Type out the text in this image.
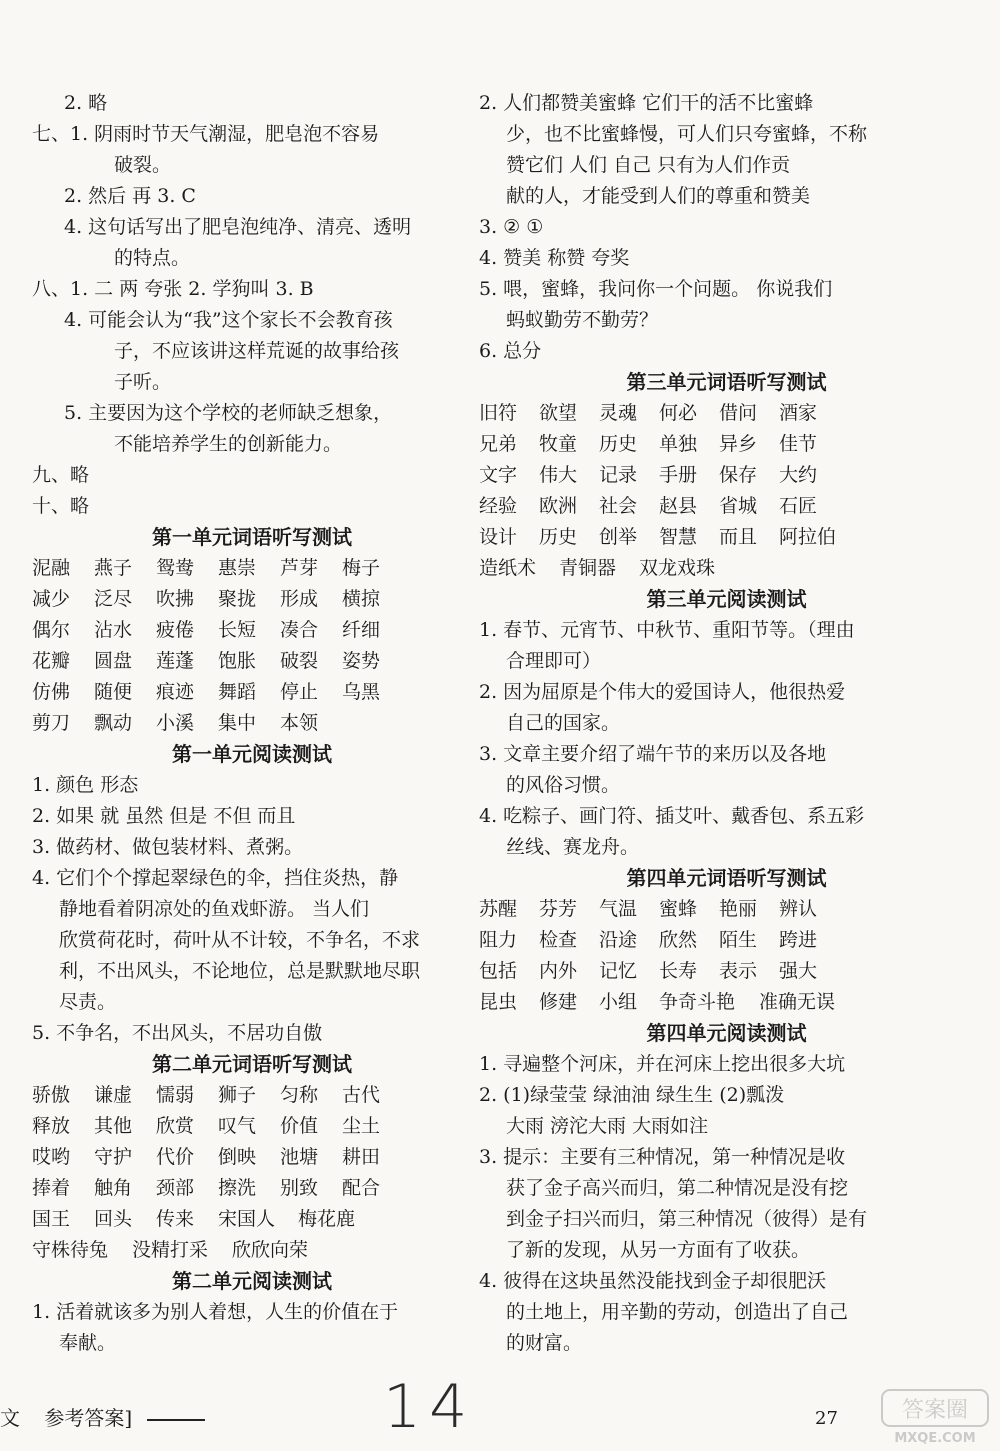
2. 略
七、1. 阴雨时节天气潮湿，肥皂泡不容易
破裂。
2. 然后 再 3. C
4. 这句话写出了肥皂泡纯净、清亮、透明
的特点。
八、1. 二 两 夸张 2. 学狗叫 3. B
4. 可能会认为“我”这个家长不会教育孩
子，不应该讲这样荒诞的故事给孩
子听。
5. 主要因为这个学校的老师缺乏想象，
不能培养学生的创新能力。
九、略
十、略
第一单元词语听写测试
泥融 燕子 鸳鸯 惠崇 芦芽 梅子
减少 泛尽 吹拂 聚拢 形成 横掠
偶尔 沾水 疲倦 长短 凑合 纤细
花瓣 圆盘 莲蓬 饱胀 破裂 姿势
仿佛 随便 痕迹 舞蹈 停止 乌黑
剪刀 飘动 小溪 集中 本领
第一单元阅读测试
1. 颜色 形态
2. 如果 就 虽然 但是 不但 而且
3. 做药材、做包装材料、煮粥。
4. 它们个个撑起翠绿色的伞，挡住炎热，静
静地看着阴凉处的鱼戏虾游。 当人们
欣赏荷花时，荷叶从不计较，不争名，不求
利，不出风头，不论地位，总是默默地尽职
尽责。
5. 不争名，不出风头，不居功自傲
第二单元词语听写测试
骄傲 谦虚 懦弱 狮子 匀称 古代
释放 其他 欣赏 叹气 价值 尘土
哎哟 守护 代价 倒映 池塘 耕田
捧着 触角 颈部 擦洗 别致 配合
国王 回头 传来 宋国人 梅花鹿
守株待兔 没精打采 欣欣向荣
第二单元阅读测试
1. 活着就该多为别人着想，人生的价值在于
奉献。
2. 人们都赞美蜜蜂 它们干的活不比蜜蜂
少，也不比蜜蜂慢，可人们只夸蜜蜂，不称
赞它们 人们 自己 只有为人们作贡
献的人，才能受到人们的尊重和赞美
3. ② ①
4. 赞美 称赞 夸奖
5. 喂，蜜蜂，我问你一个问题。 你说我们
蚂蚁勤劳不勤劳？
6. 总分
第三单元词语听写测试
旧符 欲望 灵魂 何必 借问 酒家
兄弟 牧童 历史 单独 异乡 佳节
文字 伟大 记录 手册 保存 大约
经验 欧洲 社会 赵县 省城 石匠
设计 历史 创举 智慧 而且 阿拉伯
造纸术 青铜器 双龙戏珠
第三单元阅读测试
1. 春节、元宵节、中秋节、重阳节等。（理由
合理即可）
2. 因为屈原是个伟大的爱国诗人，他很热爱
自己的国家。
3. 文章主要介绍了端午节的来历以及各地
的风俗习惯。
4. 吃粽子、画门符、插艾叶、戴香包、系五彩
丝线、赛龙舟。
第四单元词语听写测试
苏醒 芬芳 气温 蜜蜂 艳丽 辨认
阻力 检查 沿途 欣然 陌生 跨进
包括 内外 记忆 长寿 表示 强大
昆虫 修建 小组 争奇斗艳 准确无误
第四单元阅读测试
1. 寻遍整个河床，并在河床上挖出很多大坑
2. (1)绿莹莹 绿油油 绿生生 (2)瓢泼
大雨 滂沱大雨 大雨如注
3. 提示：主要有三种情况，第一种情况是收
获了金子高兴而归，第二种情况是没有挖
到金子扫兴而归，第三种情况（彼得）是有
了新的发现，从另一方面有了收获。
4. 彼得在这块虽然没能找到金子却很肥沃
的土地上，用辛勤的劳动，创造出了自己
的财富。
文 参考答案]	14	27	答案圈
MXQE.COM
